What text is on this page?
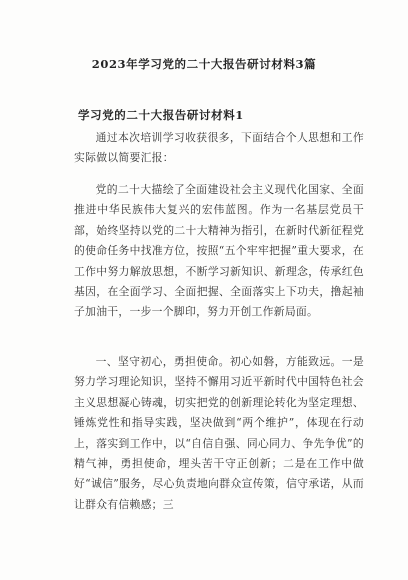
2023年学习党的二十大报告研讨材料3篇
学习党的二十大报告研讨材料1

通过本次培训学习收获很多，下面结合个人思想和工作实际做以简要汇报：

党的二十大描绘了全面建设社会主义现代化国家、全面推进中华民族伟大复兴的宏伟蓝图。作为一名基层党员干部，始终坚持以党的二十大精神为指引，在新时代新征程党的使命任务中找准方位，按照“五个牢牢把握”重大要求，在工作中努力解放思想，不断学习新知识、新理念，传承红色基因，在全面学习、全面把握、全面落实上下功夫，撸起袖子加油干，一步一个脚印，努力开创工作新局面。

一、坚守初心，勇担使命。初心如磐，方能致远。一是努力学习理论知识，坚持不懈用习近平新时代中国特色社会主义思想凝心铸魂，切实把党的创新理论转化为坚定理想、锤炼党性和指导实践，坚决做到“两个维护”，体现在行动上，落实到工作中，以“自信自强、同心同力、争先争优”的精气神，勇担使命，埋头苦干守正创新；二是在工作中做好“诚信”服务，尽心负责地向群众宣传策，信守承诺，从而让群众有信赖感；三
